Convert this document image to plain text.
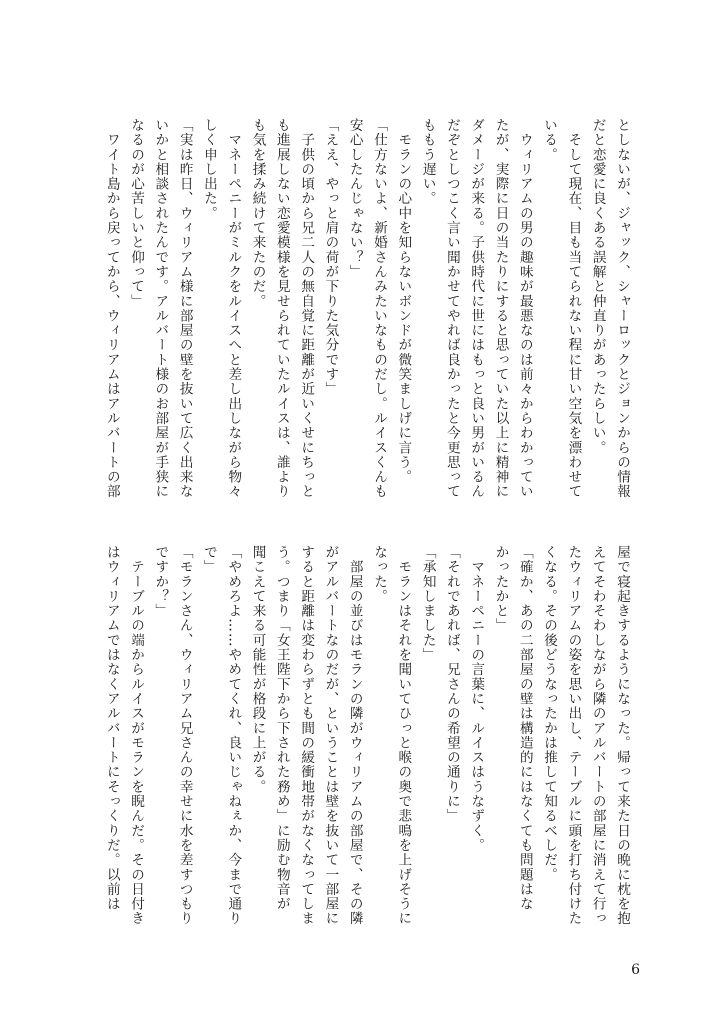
としないが、ジャック、シャーロックとジョンからの情報
だと恋愛に良くある誤解と仲直りがあったらしい。
　そして現在、目も当てられない程に甘い空気を漂わせて
いる。
　ウィリアムの男の趣味が最悪なのは前々からわかってい
たが、実際に日の当たりにすると思っていた以上に精神に
ダメージが来る。子供時代に世にはもっと良い男がいるん
だぞとしつこく言い聞かせてやれば良かったと今更思って
ももう遅い。
　モランの心中を知らないボンドが微笑ましげに言う。
「仕方ないよ、新婚さんみたいなものだし。ルイスくんも
安心したんじゃない？」
「ええ、やっと肩の荷が下りた気分です」
　子供の頃から兄二人の無自覚に距離が近いくせにちっと
も進展しない恋愛模様を見せられていたルイスは、誰より
も気を揉み続けて来たのだ。
　マネーペニーがミルクをルイスへと差し出しながら物々
しく申し出た。
「実は昨日、ウィリアム様に部屋の壁を抜いて広く出来な
いかと相談されたんです。アルバート様のお部屋が手狭に
なるのが心苦しいと仰って」
　ワイト島から戻ってから、ウィリアムはアルバートの部
屋で寝起きするようになった。帰って来た日の晩に枕を抱
えてそわそわしながら隣のアルバートの部屋に消えて行っ
たウィリアムの姿を思い出し、テーブルに頭を打ち付けた
くなる。その後どうなったかは推して知るべしだ。
「確か、あの二部屋の壁は構造的にはなくても問題はな
かったかと」
　マネーペニーの言葉に、ルイスはうなずく。
「それであれば、兄さんの希望の通りに」
「承知しました」
　モランはそれを聞いてひっと喉の奥で悲鳴を上げそうに
なった。
　部屋の並びはモランの隣がウィリアムの部屋で、その隣
がアルバートなのだが、ということは壁を抜いて一部屋に
すると距離は変わらずとも間の緩衝地帯がなくなってしま
う。つまり「女王陛下から下された務め」に励む物音が
聞こえて来る可能性が格段に上がる。
「やめろよ……やめてくれ、良いじゃねぇか、今まで通り
で」
「モランさん、ウィリアム兄さんの幸せに水を差すつもり
ですか？」
　テーブルの端からルイスがモランを睨んだ。その日付き
はウィリアムではなくアルバートにそっくりだ。以前は
6
